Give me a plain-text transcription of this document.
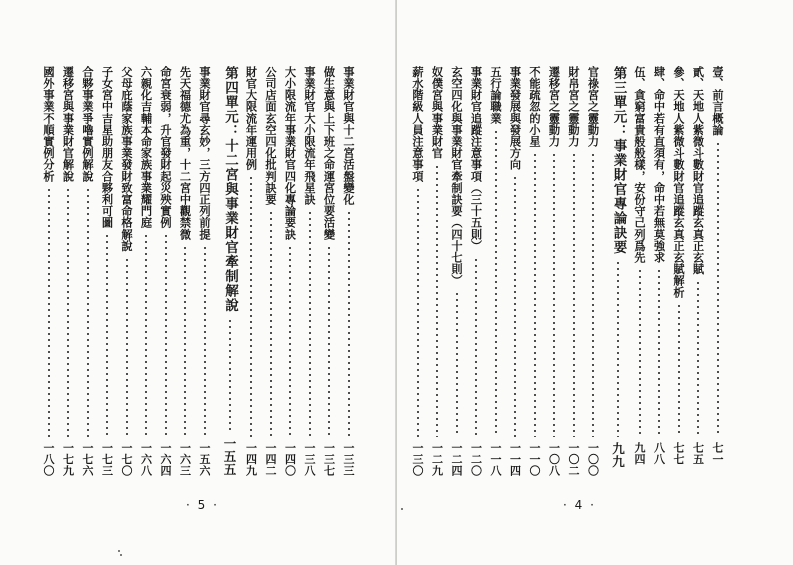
事業財官與十二宮活盤變化
一三三
做生意與上下班之命運宮位要活變
一三七
事業財官大小限流年飛星訣
一三八
大小限流年事業財官四化專論要訣
一四〇
公司店面玄空四化批判訣要
一四二
財官大限流年運用例
一四九
第四單元：十二宮與事業財官牽制解說
一五五
事業財官尋玄妙，三方四正列前提
一五六
先天福德尤為重，十二宮中觀禁微
一六三
命宮衰弱，升官發財起災殃實例
一六四
六親化吉輔本命家族事業耀門庭
一六八
父母庇蔭家族事業發財致富命格解說
一七〇
子女宮中吉星助朋友合夥利可圖
一七三
合夥事業爭嚕實例解說
一七六
遷移宮與事業財官解說
一七九
國外事業不順實例分析
一八〇
· 5 ·
壹、前言概論
七一
貳、天地人紫微斗數財官追蹤玄真正玄賦
七五
參、天地人紫微斗數財官追蹤玄真正玄賦解析
七七
肆、命中若有直須有，命中若無莫強求
八八
伍、貪窮富貴般般樣，安份守己列爲先
九四
第三單元：事業財官專論訣要
九九
官祿宮之靈動力
一〇〇
財帛宮之靈動力
一〇二
遷移宮之靈動力
一〇八
不能疏忽的小星
一一〇
事業發展與發展方向
一一四
五行論職業
一一八
事業財官追蹤注意事項（三十五則）
一二〇
玄空四化與事業財官牽制訣要（四十七則）
一二四
奴僕宮與事業財官
一二九
薪水階級人員注意事項
一三〇
· 4 ·
